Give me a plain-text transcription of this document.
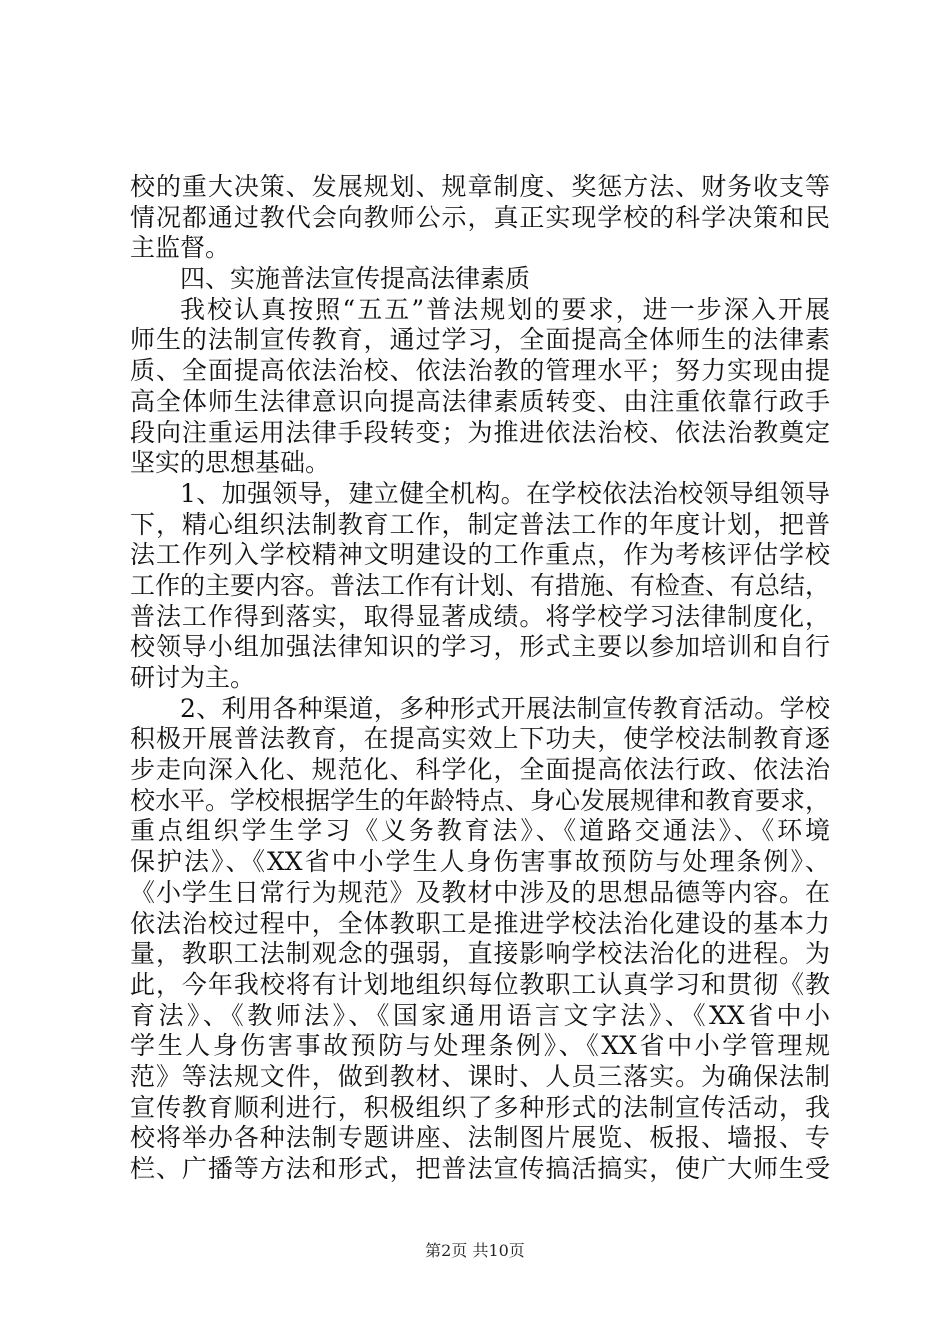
校的重大决策、发展规划、规章制度、奖惩方法、财务收支等
情况都通过教代会向教师公示，真正实现学校的科学决策和民
主监督。
四、实施普法宣传提高法律素质
我校认真按照“五五”普法规划的要求，进一步深入开展
师生的法制宣传教育，通过学习，全面提高全体师生的法律素
质、全面提高依法治校、依法治教的管理水平；努力实现由提
高全体师生法律意识向提高法律素质转变、由注重依靠行政手
段向注重运用法律手段转变；为推进依法治校、依法治教奠定
坚实的思想基础。
1、加强领导，建立健全机构。在学校依法治校领导组领导
下，精心组织法制教育工作，制定普法工作的年度计划，把普
法工作列入学校精神文明建设的工作重点，作为考核评估学校
工作的主要内容。普法工作有计划、有措施、有检查、有总结，
普法工作得到落实，取得显著成绩。将学校学习法律制度化，
校领导小组加强法律知识的学习，形式主要以参加培训和自行
研讨为主。
2、利用各种渠道，多种形式开展法制宣传教育活动。学校
积极开展普法教育，在提高实效上下功夫，使学校法制教育逐
步走向深入化、规范化、科学化，全面提高依法行政、依法治
校水平。学校根据学生的年龄特点、身心发展规律和教育要求，
重点组织学生学习《义务教育法》、《道路交通法》、《环境
保护法》、《XX省中小学生人身伤害事故预防与处理条例》、
《小学生日常行为规范》及教材中涉及的思想品德等内容。在
依法治校过程中，全体教职工是推进学校法治化建设的基本力
量，教职工法制观念的强弱，直接影响学校法治化的进程。为
此，今年我校将有计划地组织每位教职工认真学习和贯彻《教
育法》、《教师法》、《国家通用语言文字法》、《XX省中小
学生人身伤害事故预防与处理条例》、《XX省中小学管理规
范》等法规文件，做到教材、课时、人员三落实。为确保法制
宣传教育顺利进行，积极组织了多种形式的法制宣传活动，我
校将举办各种法制专题讲座、法制图片展览、板报、墙报、专
栏、广播等方法和形式，把普法宣传搞活搞实，使广大师生受
第2页 共10页
